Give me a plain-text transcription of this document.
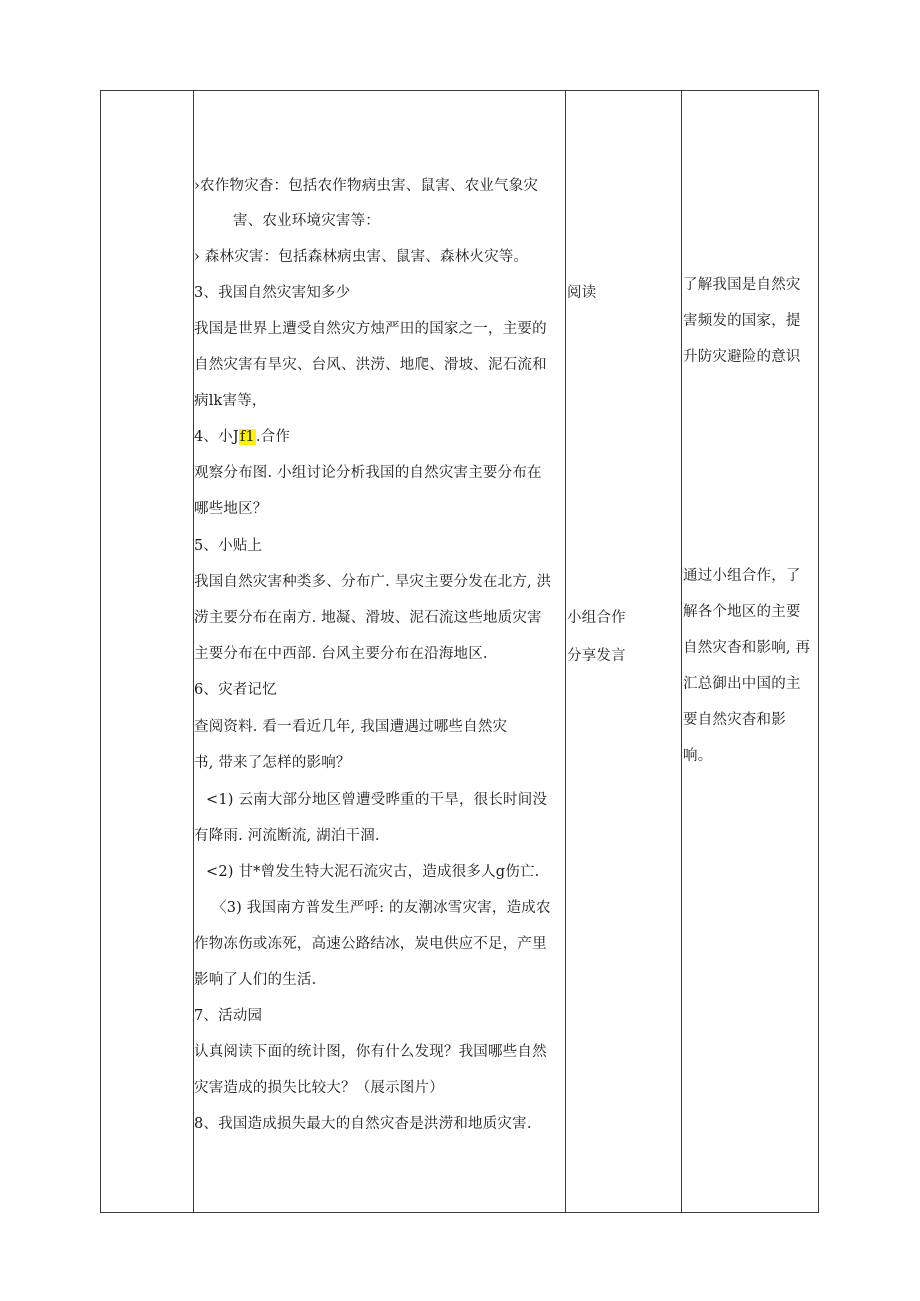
›农作物灾杳：包括农作物病虫害、鼠害、农业气象灾
害、农业环境灾害等：
› 森林灾害：包括森林病虫害、鼠害、森林火灾等。
3、我国自然灾害知多少
我国是世界上遭受自然灾方烛严田的国家之一，主要的
自然灾害有旱灾、台风、洪涝、地爬、滑坡、泥石流和
病lk害等，
4、小Jf1.合作
观察分布图. 小组讨论分析我国的自然灾害主要分布在
哪些地区？
5、小贴上
我国自然灾害种类多、分布广. 旱灾主要分发在北方, 洪
涝主要分布在南方. 地凝、滑坡、泥石流这些地质灾害
主要分布在中西部. 台风主要分布在沿海地区.
6、灾者记忆
查阅资料. 看一看近几年, 我国遭遇过哪些自然灾
书, 带来了怎样的影响？
<1) 云南大部分地区曾遭受晔重的干旱，很长时间没
有降雨. 河流断流, 湖泊干涸.
<2) 甘*曾发生特大泥石流灾古，造成很多人g伤亡.
〈3) 我国南方普发生严呼: 的友潮冰雪灾害，造成农
作物冻伤或冻死，高速公路结冰，炭电供应不足，产里
影响了人们的生活.
7、活动园
认真阅读下面的统计图，你有什么发现？我国哪些自然
灾害造成的损失比较大？（展示图片）
8、我国造成损失最大的自然灾杳是洪涝和地质灾害.
阅读
小组合作
分享发言
了解我国是自然灾
害频发的国家，提
升防灾避险的意识
通过小组合作，了
解各个地区的主要
自然灾杳和影响, 再
汇总御出中国的主
要自然灾杳和影
响。
